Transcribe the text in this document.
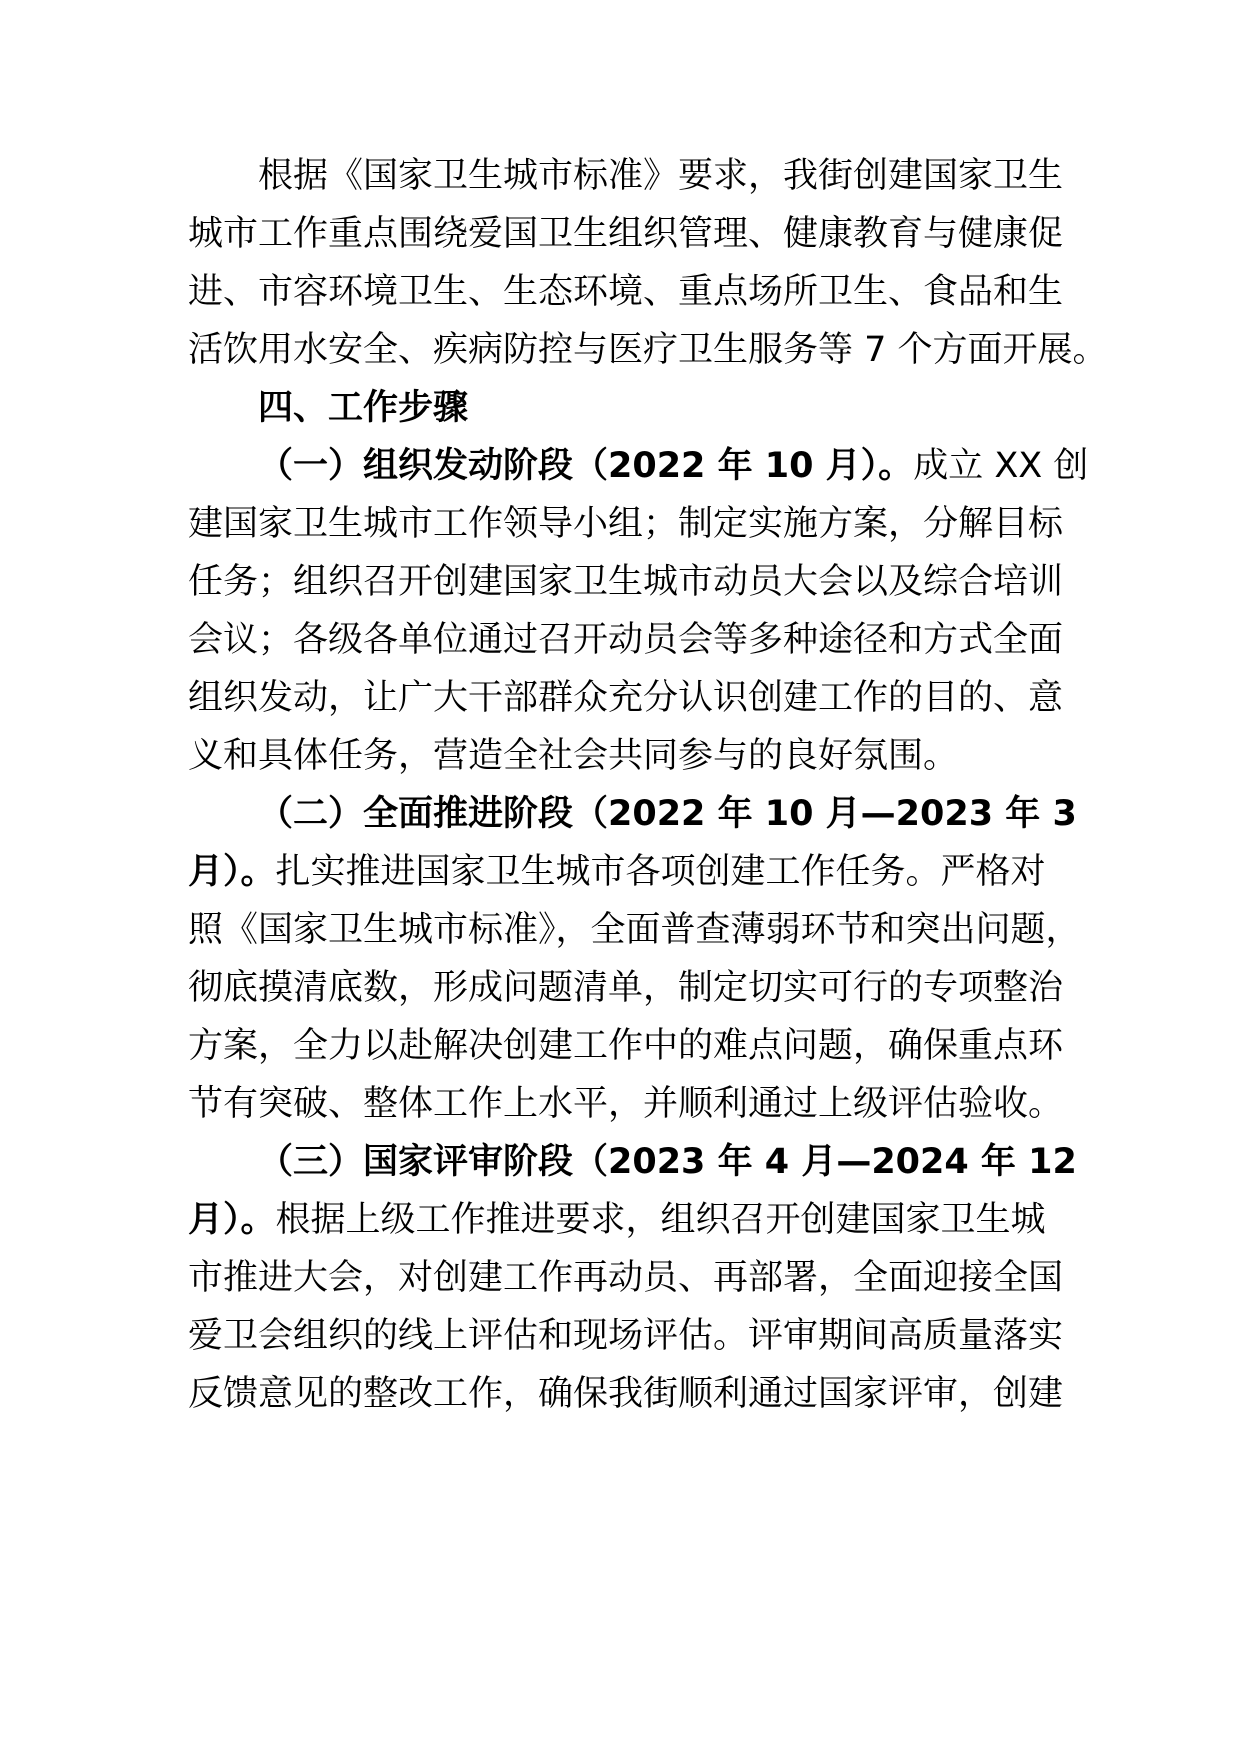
根据《国家卫生城市标准》要求，我街创建国家卫生
城市工作重点围绕爱国卫生组织管理、健康教育与健康促
进、市容环境卫生、生态环境、重点场所卫生、食品和生
活饮用水安全、疾病防控与医疗卫生服务等 7 个方面开展。
四、工作步骤
（一）组织发动阶段（2022 年 10 月）。成立 XX 创
建国家卫生城市工作领导小组；制定实施方案，分解目标
任务；组织召开创建国家卫生城市动员大会以及综合培训
会议；各级各单位通过召开动员会等多种途径和方式全面
组织发动，让广大干部群众充分认识创建工作的目的、意
义和具体任务，营造全社会共同参与的良好氛围。
（二）全面推进阶段（2022 年 10 月—2023 年 3
月）。扎实推进国家卫生城市各项创建工作任务。严格对
照《国家卫生城市标准》，全面普查薄弱环节和突出问题，
彻底摸清底数，形成问题清单，制定切实可行的专项整治
方案，全力以赴解决创建工作中的难点问题，确保重点环
节有突破、整体工作上水平，并顺利通过上级评估验收。
（三）国家评审阶段（2023 年 4 月—2024 年 12
月）。根据上级工作推进要求，组织召开创建国家卫生城
市推进大会，对创建工作再动员、再部署，全面迎接全国
爱卫会组织的线上评估和现场评估。评审期间高质量落实
反馈意见的整改工作，确保我街顺利通过国家评审，创建
